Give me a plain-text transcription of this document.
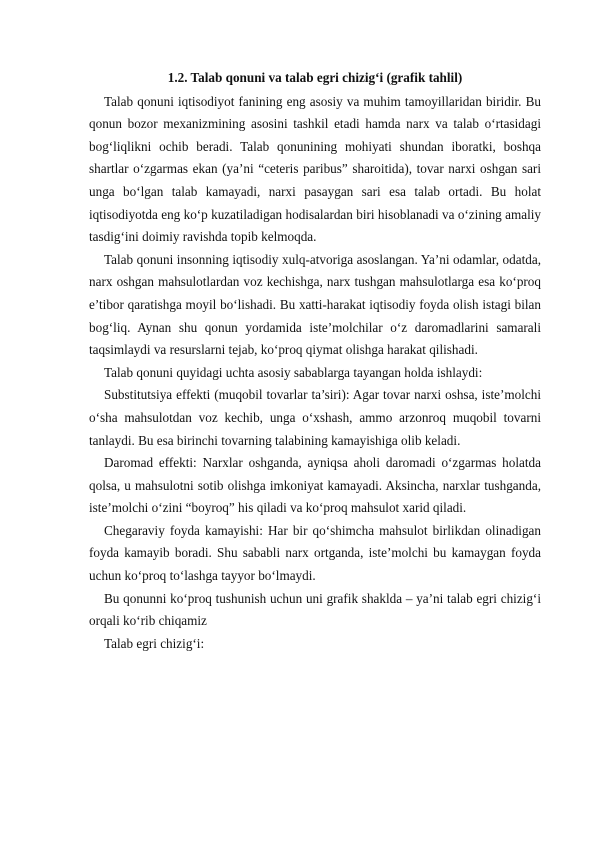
1.2. Talab qonuni va talab egri chizig‘i (grafik tahlil)

Talab qonuni iqtisodiyot fanining eng asosiy va muhim tamoyillaridan biridir. Bu qonun bozor mexanizmining asosini tashkil etadi hamda narx va talab o‘rtasidagi bog‘liqlikni ochib beradi. Talab qonunining mohiyati shundan iboratki, boshqa shartlar o‘zgarmas ekan (ya’ni “ceteris paribus” sharoitida), tovar narxi oshgan sari unga bo‘lgan talab kamayadi, narxi pasaygan sari esa talab ortadi. Bu holat iqtisodiyotda eng ko‘p kuzatiladigan hodisalardan biri hisoblanadi va o‘zining amaliy tasdig‘ini doimiy ravishda topib kelmoqda.

Talab qonuni insonning iqtisodiy xulq-atvoriga asoslangan. Ya’ni odamlar, odatda, narx oshgan mahsulotlardan voz kechishga, narx tushgan mahsulotlarga esa ko‘proq e’tibor qaratishga moyil bo‘lishadi. Bu xatti-harakat iqtisodiy foyda olish istagi bilan bog‘liq. Aynan shu qonun yordamida iste’molchilar o‘z daromadlarini samarali taqsimlaydi va resurslarni tejab, ko‘proq qiymat olishga harakat qilishadi.

Talab qonuni quyidagi uchta asosiy sabablarga tayangan holda ishlaydi:

Substitutsiya effekti (muqobil tovarlar ta’siri): Agar tovar narxi oshsa, iste’molchi o‘sha mahsulotdan voz kechib, unga o‘xshash, ammo arzonroq muqobil tovarni tanlaydi. Bu esa birinchi tovarning talabining kamayishiga olib keladi.

Daromad effekti: Narxlar oshganda, ayniqsa aholi daromadi o‘zgarmas holatda qolsa, u mahsulotni sotib olishga imkoniyat kamayadi. Aksincha, narxlar tushganda, iste’molchi o‘zini “boyroq” his qiladi va ko‘proq mahsulot xarid qiladi.

Chegaraviy foyda kamayishi: Har bir qo‘shimcha mahsulot birlikdan olinadigan foyda kamayib boradi. Shu sababli narx ortganda, iste’molchi bu kamaygan foyda uchun ko‘proq to‘lashga tayyor bo‘lmaydi.

Bu qonunni ko‘proq tushunish uchun uni grafik shaklda – ya’ni talab egri chizig‘i orqali ko‘rib chiqamiz

Talab egri chizig‘i:
